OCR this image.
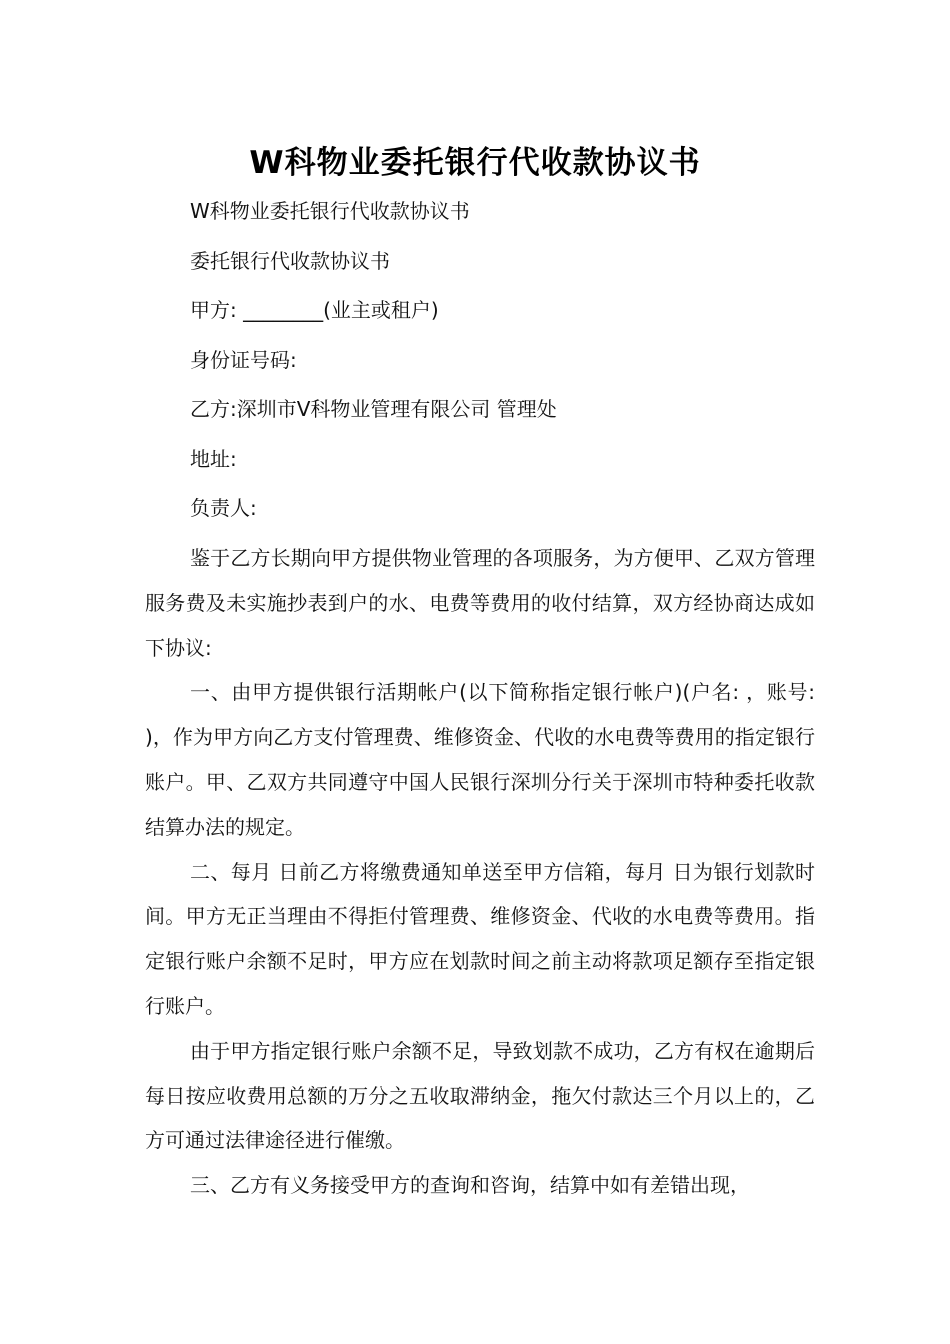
W科物业委托银行代收款协议书

W科物业委托银行代收款协议书

委托银行代收款协议书

甲方: ________(业主或租户)

身份证号码:

乙方:深圳市V科物业管理有限公司 管理处

地址:

负责人:

鉴于乙方长期向甲方提供物业管理的各项服务，为方便甲、乙双方管理服务费及未实施抄表到户的水、电费等费用的收付结算，双方经协商达成如下协议:

一、由甲方提供银行活期帐户(以下简称指定银行帐户)(户名: ，账号: )，作为甲方向乙方支付管理费、维修资金、代收的水电费等费用的指定银行账户。甲、乙双方共同遵守中国人民银行深圳分行关于深圳市特种委托收款结算办法的规定。

二、每月 日前乙方将缴费通知单送至甲方信箱，每月 日为银行划款时间。甲方无正当理由不得拒付管理费、维修资金、代收的水电费等费用。指定银行账户余额不足时，甲方应在划款时间之前主动将款项足额存至指定银行账户。

由于甲方指定银行账户余额不足，导致划款不成功，乙方有权在逾期后每日按应收费用总额的万分之五收取滞纳金，拖欠付款达三个月以上的，乙方可通过法律途径进行催缴。

三、乙方有义务接受甲方的查询和咨询，结算中如有差错出现，
